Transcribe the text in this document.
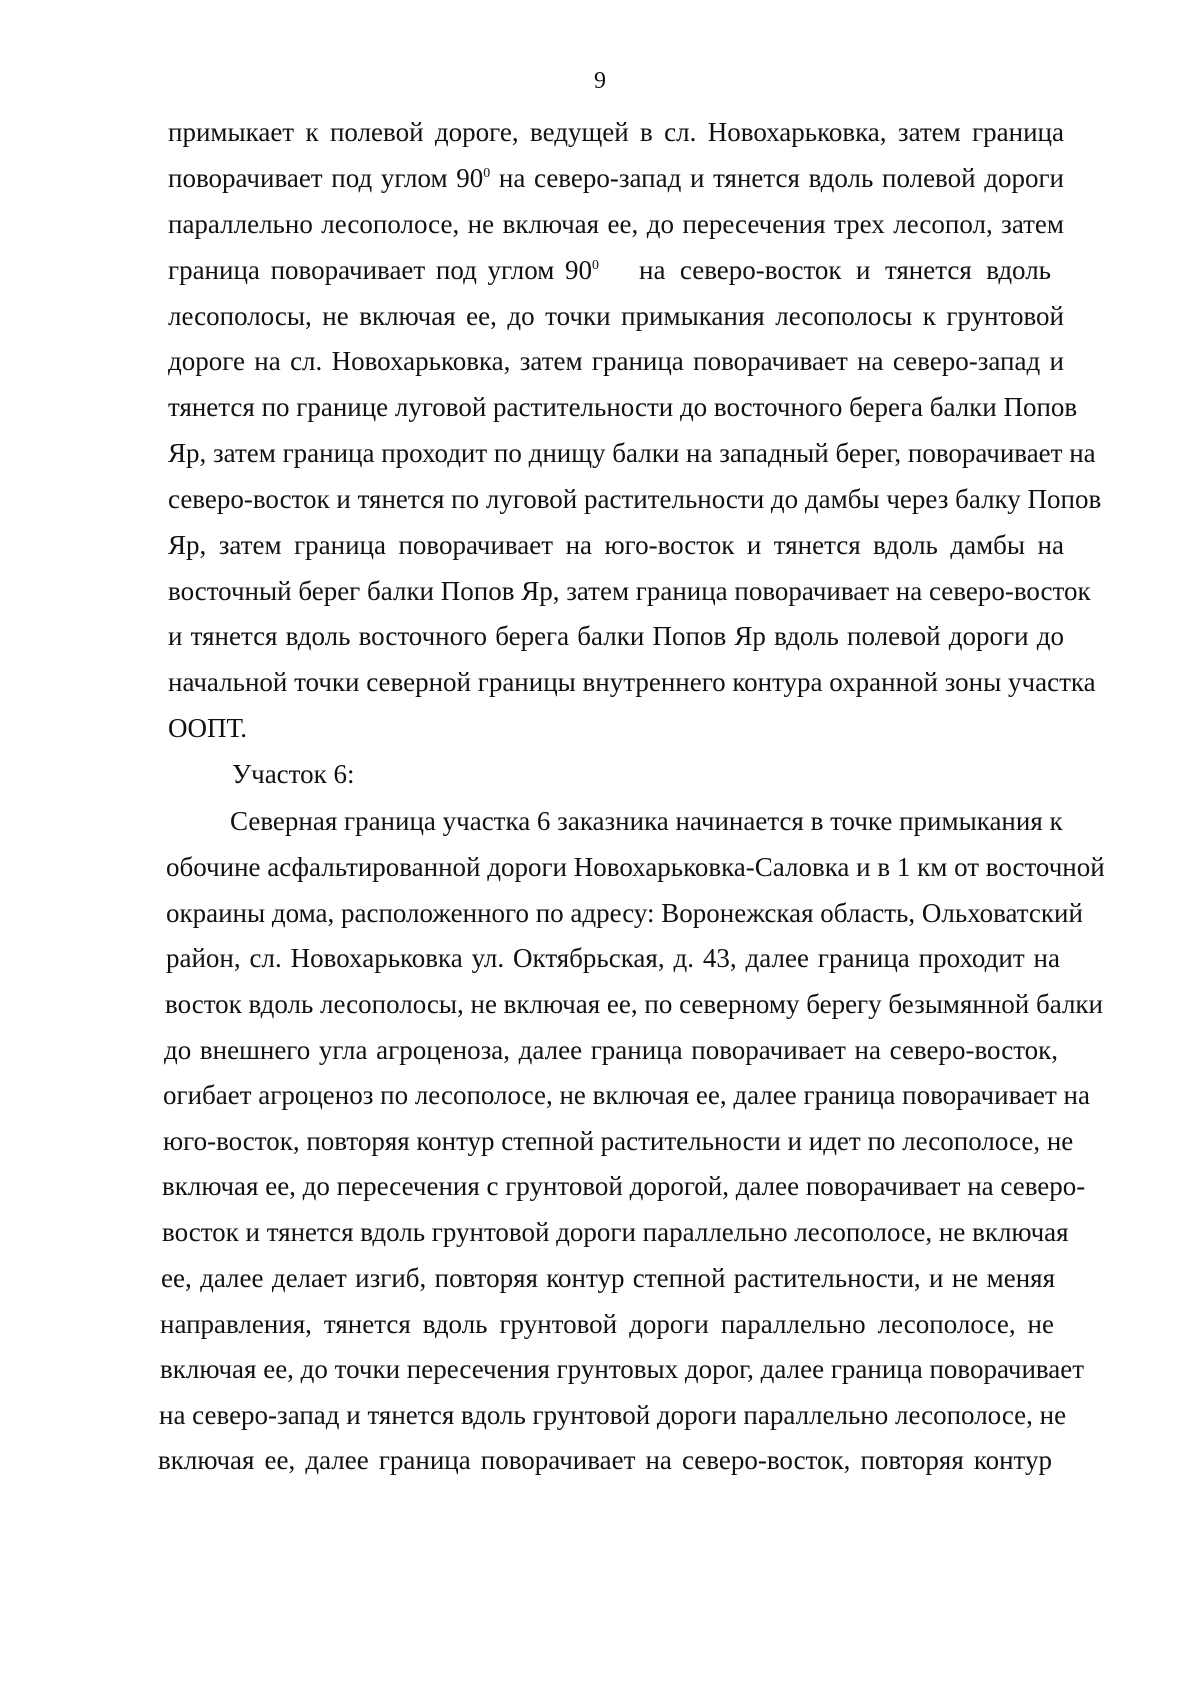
9
примыкает к полевой дороге, ведущей в сл. Новохарьковка, затем граница
поворачивает под углом $90^0$ на северо-запад и тянется вдоль полевой дороги
параллельно лесополосе, не включая ее, до пересечения трех лесопол, затем
граница поворачивает под углом $90^0$ на северо-восток и тянется вдоль
лесополосы, не включая ее, до точки примыкания лесополосы к грунтовой
дороге на сл. Новохарьковка, затем граница поворачивает на северо-запад и
тянется по границе луговой растительности до восточного берега балки Попов
Яр, затем граница проходит по днищу балки на западный берег, поворачивает на
северо-восток и тянется по луговой растительности до дамбы через балку Попов
Яр, затем граница поворачивает на юго-восток и тянется вдоль дамбы на
восточный берег балки Попов Яр, затем граница поворачивает на северо-восток
и тянется вдоль восточного берега балки Попов Яр вдоль полевой дороги до
начальной точки северной границы внутреннего контура охранной зоны участка
ООПТ.
Участок 6:
Северная граница участка 6 заказника начинается в точке примыкания к
обочине асфальтированной дороги Новохарьковка-Саловка и в 1 км от восточной
окраины дома, расположенного по адресу: Воронежская область, Ольховатский
район, сл. Новохарьковка ул. Октябрьская, д. 43, далее граница проходит на
восток вдоль лесополосы, не включая ее, по северному берегу безымянной балки
до внешнего угла агроценоза, далее граница поворачивает на северо-восток,
огибает агроценоз по лесополосе, не включая ее, далее граница поворачивает на
юго-восток, повторяя контур степной растительности и идет по лесополосе, не
включая ее, до пересечения с грунтовой дорогой, далее поворачивает на северо-
восток и тянется вдоль грунтовой дороги параллельно лесополосе, не включая
ее, далее делает изгиб, повторяя контур степной растительности, и не меняя
направления, тянется вдоль грунтовой дороги параллельно лесополосе, не
включая ее, до точки пересечения грунтовых дорог, далее граница поворачивает
на северо-запад и тянется вдоль грунтовой дороги параллельно лесополосе, не
включая ее, далее граница поворачивает на северо-восток, повторяя контур
